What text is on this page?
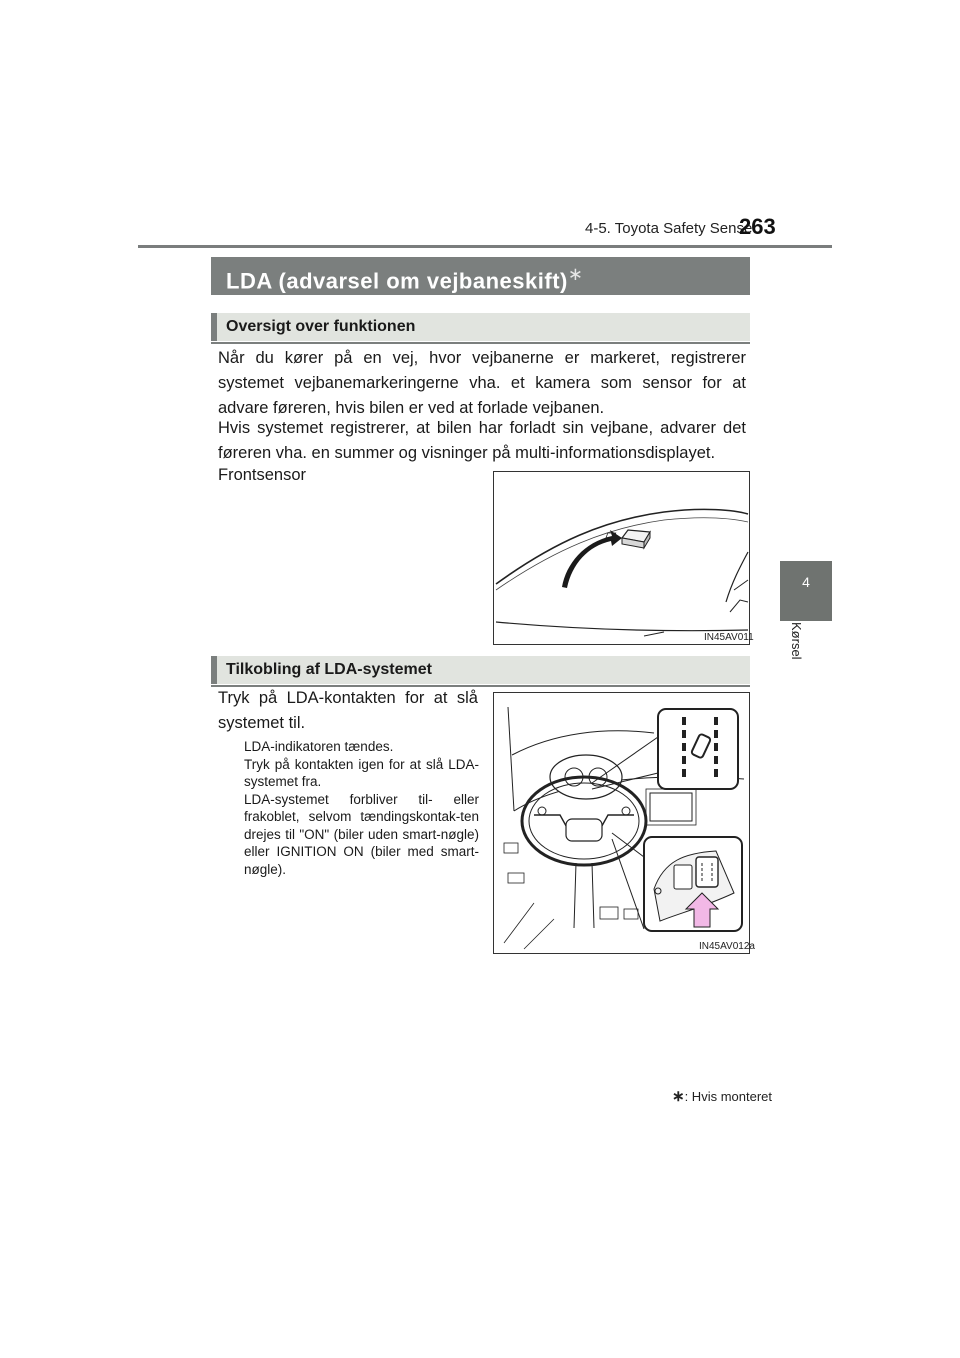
4-5. Toyota Safety Sense
263
4
Kørsel
LDA (advarsel om vejbaneskift)∗
Oversigt over funktionen
Når du kører på en vej, hvor vejbanerne er markeret, registrerer systemet vejbanemarkeringerne vha. et kamera som sensor for at advare føreren, hvis bilen er ved at forlade vejbanen.
Hvis systemet registrerer, at bilen har forladt sin vejbane, advarer det føreren vha. en summer og visninger på multi-informationsdisplayet.
Frontsensor
IN45AV011
Tilkobling af LDA-systemet
Tryk på LDA-kontakten for at slå systemet til.
LDA-indikatoren tændes.
Tryk på kontakten igen for at slå LDA-systemet fra.
LDA-systemet forbliver til- eller frakoblet, selvom tændingskontak-ten drejes til "ON" (biler uden smart-nøgle) eller IGNITION ON (biler med smart-nøgle).
IN45AV012a
∗: Hvis monteret
